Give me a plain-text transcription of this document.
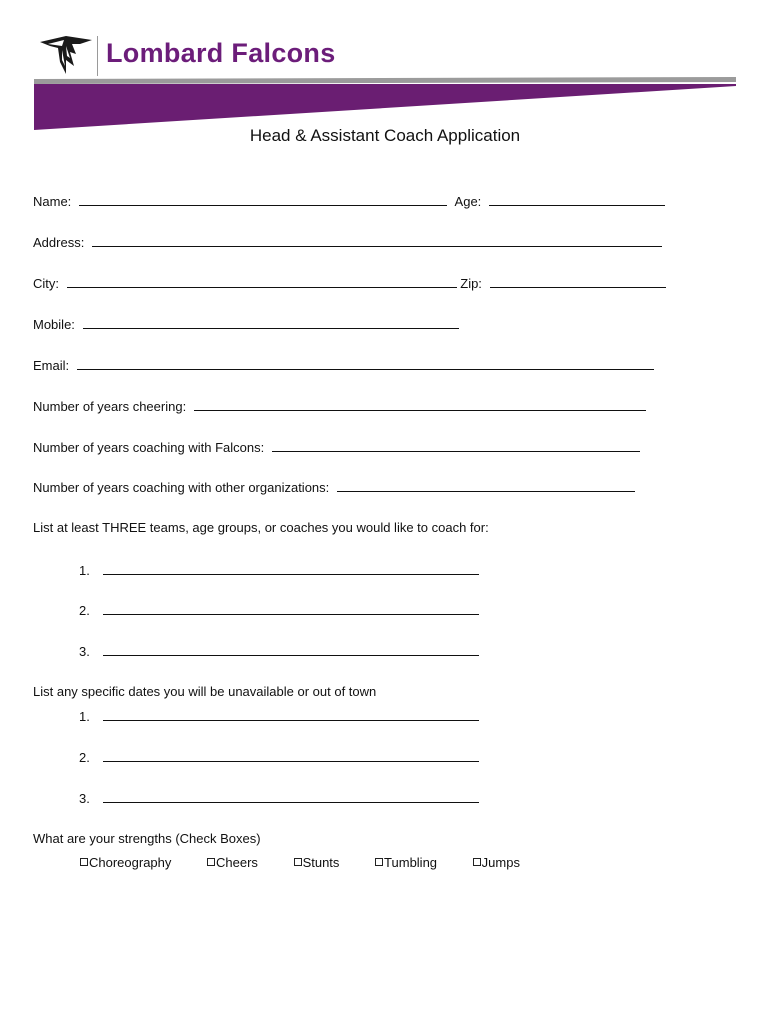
Lombard Falcons
Head & Assistant Coach Application
Name:	Age:
Address:
City:	Zip:
Mobile:
Email:
Number of years cheering:
Number of years coaching with Falcons:
Number of years coaching with other organizations:
List at least THREE teams, age groups, or coaches you would like to coach for:
1.
2.
3.
List any specific dates you will be unavailable or out of town
1.
2.
3.
What are your strengths (Check Boxes)
Choreography	Cheers	Stunts	Tumbling	Jumps
